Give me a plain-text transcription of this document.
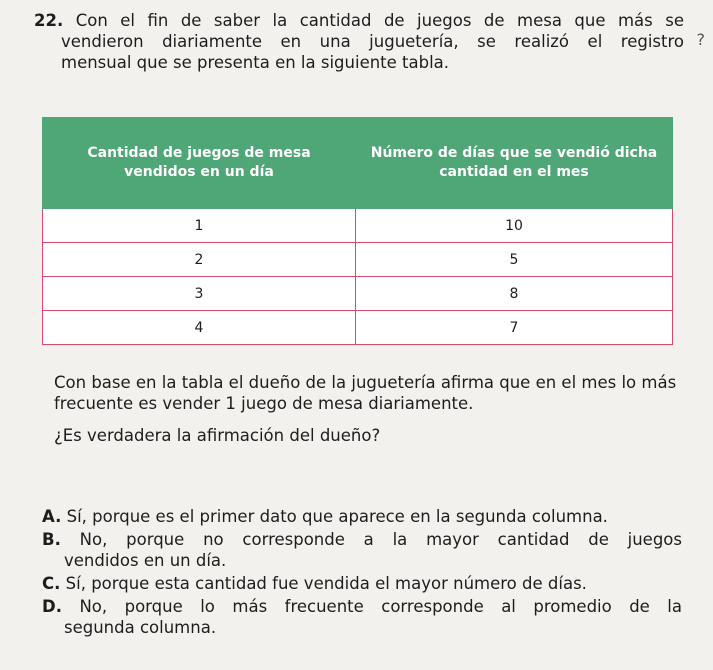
22. Con el fin de saber la cantidad de juegos de mesa que más se
vendieron diariamente en una juguetería, se realizó el registro
mensual que se presenta en la siguiente tabla.
?
Cantidad de juegos de mesa vendidos en un día	Número de días que se vendió dicha cantidad en el mes
1	10
2	5
3	8
4	7
Con base en la tabla el dueño de la juguetería afirma que en el mes lo más frecuente es vender 1 juego de mesa diariamente.
¿Es verdadera la afirmación del dueño?
A. Sí, porque es el primer dato que aparece en la segunda columna.
B. No, porque no corresponde a la mayor cantidad de juegos
vendidos en un día.
C. Sí, porque esta cantidad fue vendida el mayor número de días.
D. No, porque lo más frecuente corresponde al promedio de la
segunda columna.
